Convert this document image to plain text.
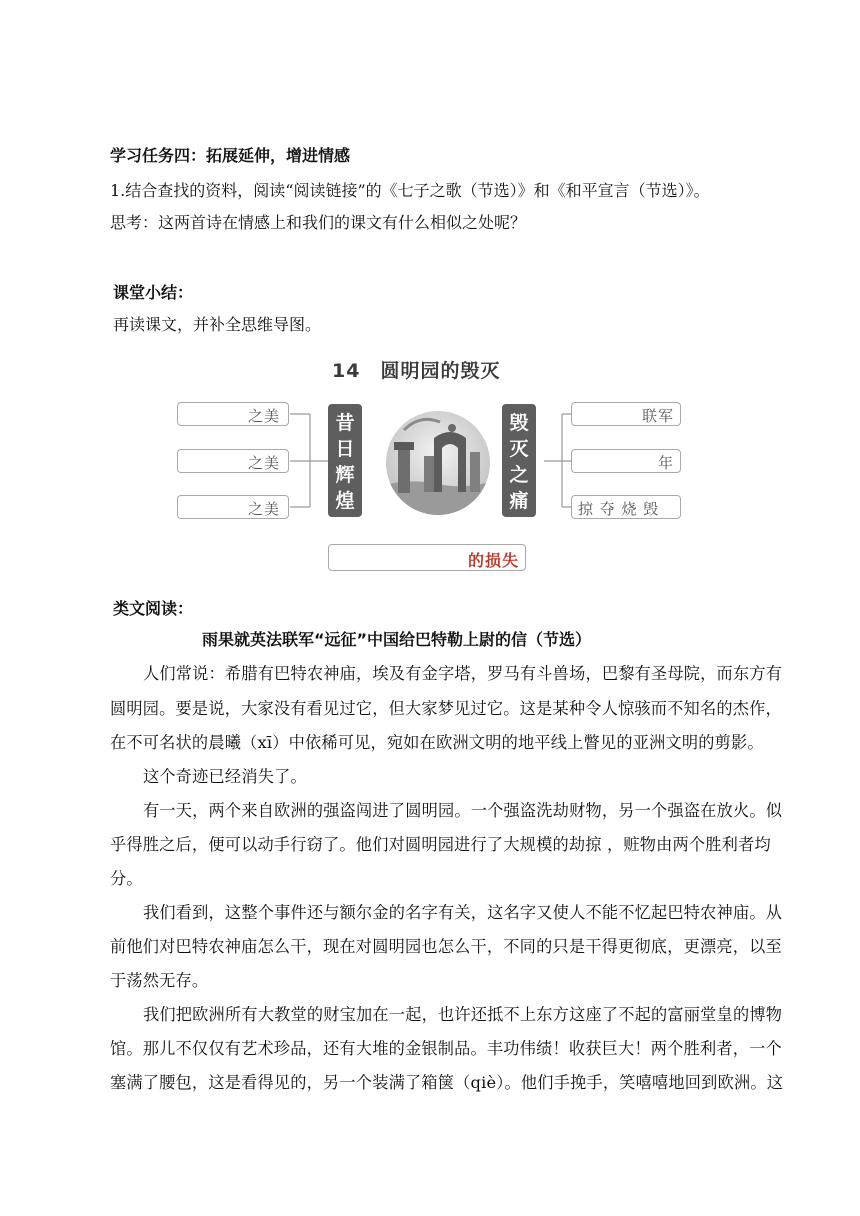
学习任务四：拓展延伸，增进情感
1.结合查找的资料，阅读“阅读链接”的《七子之歌（节选）》和《和平宣言（节选）》。
思考：这两首诗在情感上和我们的课文有什么相似之处呢？
课堂小结：
再读课文，并补全思维导图。
14　圆明园的毁灭
之美
之美
之美
昔
日
辉
煌
毁
灭
之
痛
联军
年
掠 夺 烧 毁
的损失
类文阅读：
雨果就英法联军“远征”中国给巴特勒上尉的信（节选）
人们常说：希腊有巴特农神庙，埃及有金字塔，罗马有斗兽场，巴黎有圣母院，而东方有
圆明园。要是说，大家没有看见过它，但大家梦见过它。这是某种令人惊骇而不知名的杰作，
在不可名状的晨曦（xī）中依稀可见，宛如在欧洲文明的地平线上瞥见的亚洲文明的剪影。
这个奇迹已经消失了。
有一天，两个来自欧洲的强盗闯进了圆明园。一个强盗洗劫财物，另一个强盗在放火。似
乎得胜之后，便可以动手行窃了。他们对圆明园进行了大规模的劫掠 ，赃物由两个胜利者均
分。
我们看到，这整个事件还与额尔金的名字有关，这名字又使人不能不忆起巴特农神庙。从
前他们对巴特农神庙怎么干，现在对圆明园也怎么干，不同的只是干得更彻底，更漂亮，以至
于荡然无存。
我们把欧洲所有大教堂的财宝加在一起，也许还抵不上东方这座了不起的富丽堂皇的博物
馆。那儿不仅仅有艺术珍品，还有大堆的金银制品。丰功伟绩！收获巨大！两个胜利者，一个
塞满了腰包，这是看得见的，另一个装满了箱箧（qiè）。他们手挽手，笑嘻嘻地回到欧洲。这
